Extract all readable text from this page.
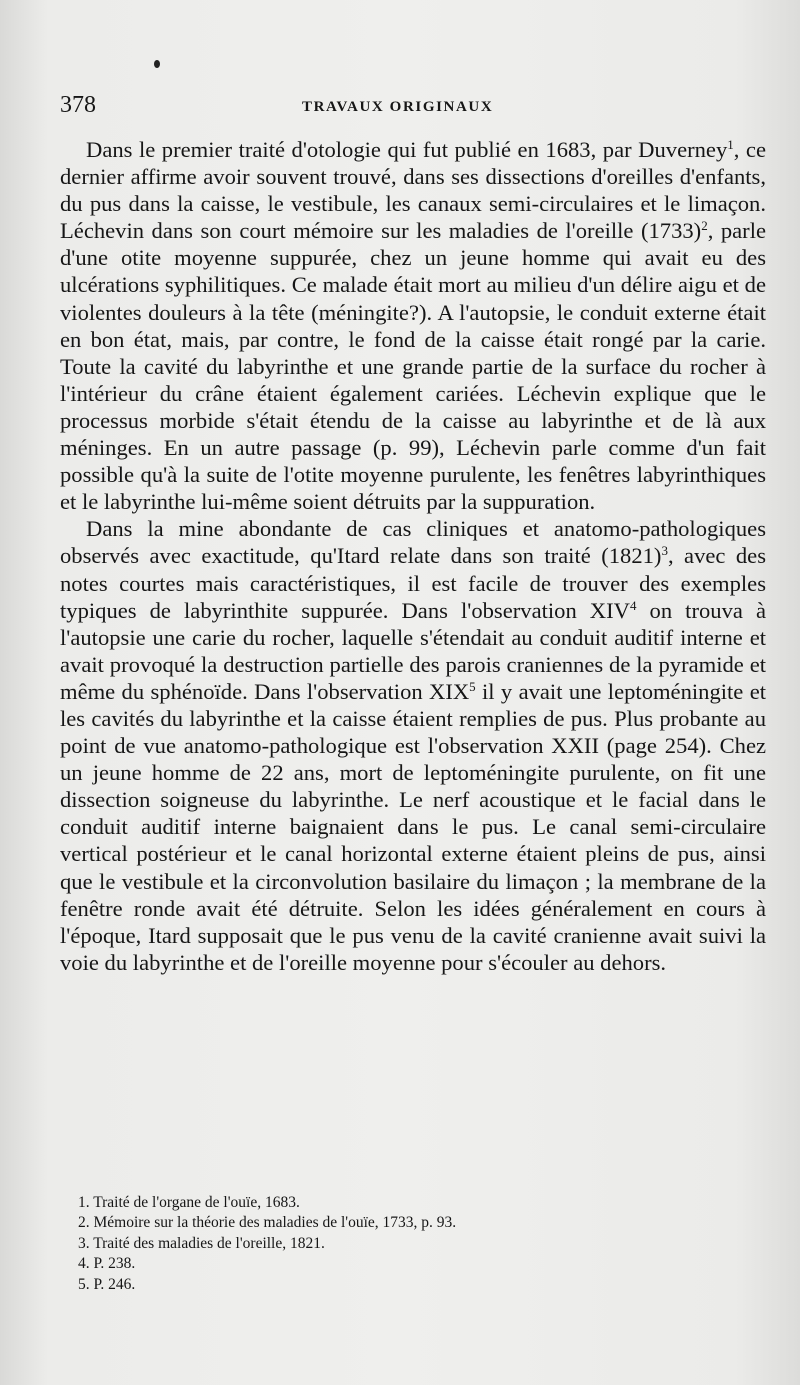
378	TRAVAUX ORIGINAUX

Dans le premier traité d'otologie qui fut publié en 1683, par Duverney$^1$, ce dernier affirme avoir souvent trouvé, dans ses dissections d'oreilles d'enfants, du pus dans la caisse, le vestibule, les canaux semi-circulaires et le limaçon. Léchevin dans son court mémoire sur les maladies de l'oreille $(1733)^2$, parle d'une otite moyenne suppurée, chez un jeune homme qui avait eu des ulcérations syphilitiques. Ce malade était mort au milieu d'un délire aigu et de violentes douleurs à la tête (méningite?). A l'autopsie, le conduit externe était en bon état, mais, par contre, le fond de la caisse était rongé par la carie. Toute la cavité du labyrinthe et une grande partie de la surface du rocher à l'intérieur du crâne étaient également cariées. Léchevin explique que le processus morbide s'était étendu de la caisse au labyrinthe et de là aux méninges. En un autre passage (p. 99), Léchevin parle comme d'un fait possible qu'à la suite de l'otite moyenne purulente, les fenêtres labyrinthiques et le labyrinthe lui-même soient détruits par la suppuration.

Dans la mine abondante de cas cliniques et anatomo-pathologiques observés avec exactitude, qu'Itard relate dans son traité $(1821)^3$, avec des notes courtes mais caractéristiques, il est facile de trouver des exemples typiques de labyrinthite suppurée. Dans l'observation XIV$^4$ on trouva à l'autopsie une carie du rocher, laquelle s'étendait au conduit auditif interne et avait provoqué la destruction partielle des parois craniennes de la pyramide et même du sphénoïde. Dans l'observation XIX$^5$ il y avait une leptoméningite et les cavités du labyrinthe et la caisse étaient remplies de pus. Plus probante au point de vue anatomo-pathologique est l'observation XXII (page 254). Chez un jeune homme de 22 ans, mort de leptoméningite purulente, on fit une dissection soigneuse du labyrinthe. Le nerf acoustique et le facial dans le conduit auditif interne baignaient dans le pus. Le canal semi-circulaire vertical postérieur et le canal horizontal externe étaient pleins de pus, ainsi que le vestibule et la circonvolution basilaire du limaçon ; la membrane de la fenêtre ronde avait été détruite. Selon les idées généralement en cours à l'époque, Itard supposait que le pus venu de la cavité cranienne avait suivi la voie du labyrinthe et de l'oreille moyenne pour s'écouler au dehors.

1. Traité de l'organe de l'ouïe, 1683.
2. Mémoire sur la théorie des maladies de l'ouïe, 1733, p. 93.
3. Traité des maladies de l'oreille, 1821.
4. P. 238.
5. P. 246.
